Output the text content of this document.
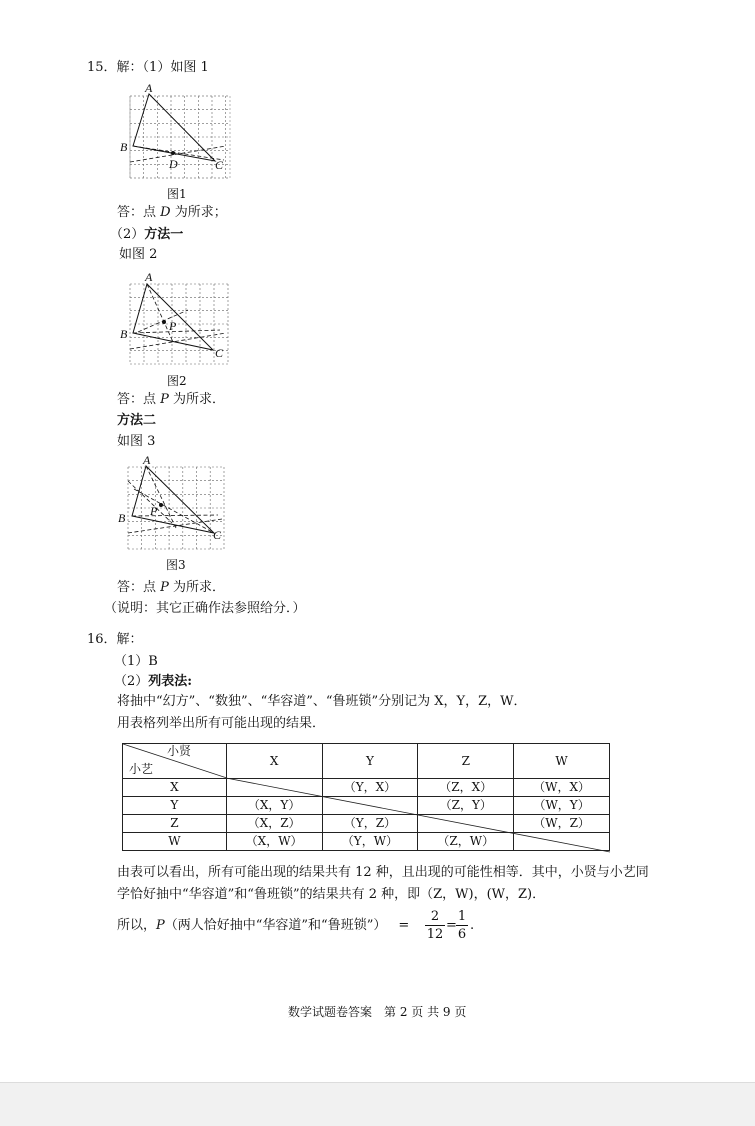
15．解：（1）如图 1
A
B
C
D
图1
答：点 D 为所求；
（2）方法一
如图 2
A
B
C
P
图2
答：点 P 为所求．
方法二
如图 3
A
B
C
P
图3
答：点 P 为所求．
（说明：其它正确作法参照给分．）
16．解：
（1）B
（2）列表法:
将抽中“幻方”、“数独”、“华容道”、“鲁班锁”分别记为 X，Y，Z，W．
用表格列举出所有可能出现的结果．
小贤
小艺	X	Y	Z	W
X		（Y，X）	（Z，X）	（W，X）
Y	（X，Y）		（Z，Y）	（W，Y）
Z	（X，Z）	（Y，Z）		（W，Z）
W	（X，W）	（Y，W）	（Z，W）	
由表可以看出，所有可能出现的结果共有 12 种，且出现的可能性相等．其中，小贤与小艺同
学恰好抽中“华容道”和“鲁班锁”的结果共有 2 种，即（Z，W)，(W，Z)．
所以，P（两人恰好抽中“华容道”和“鲁班锁”） =
2
12
=
1
6
.
数学试题卷答案　第 2 页 共 9 页
